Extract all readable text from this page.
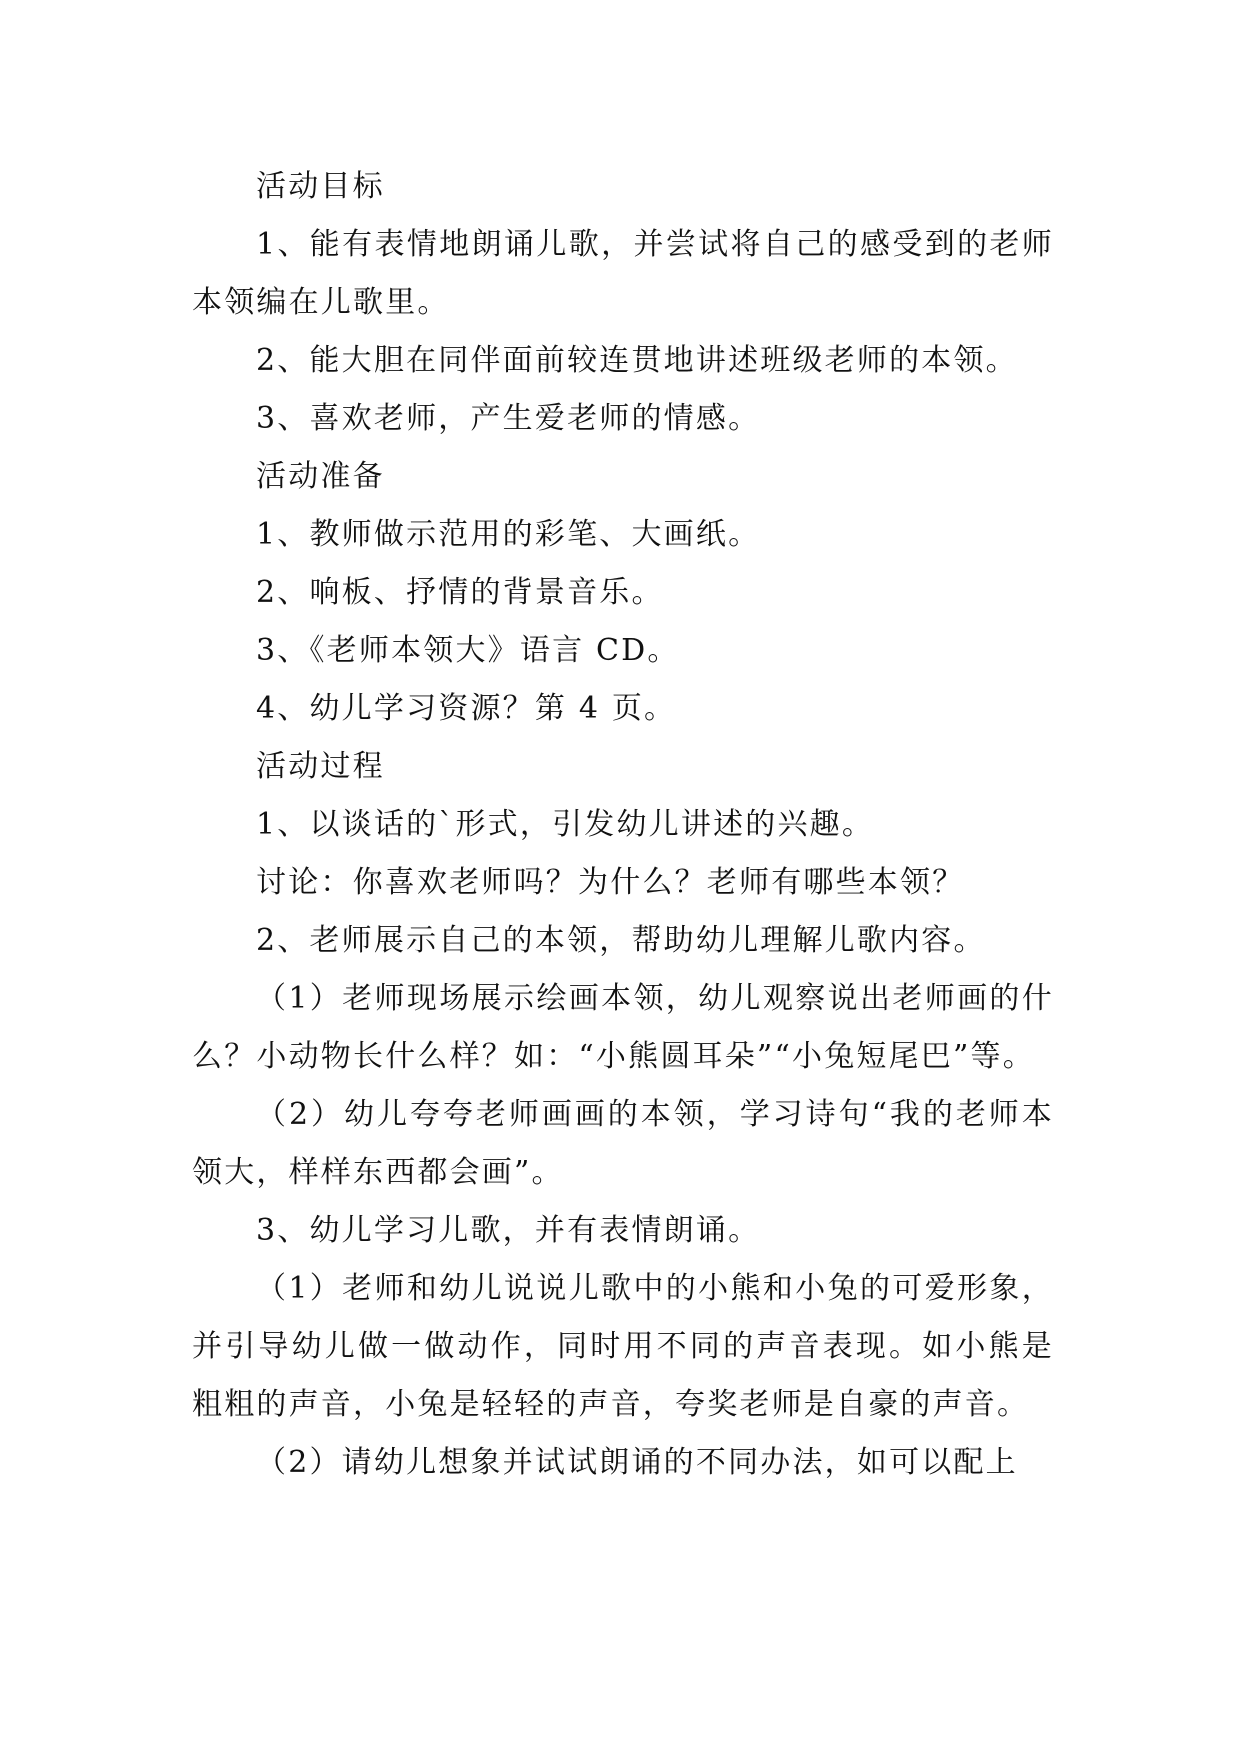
活动目标

1、能有表情地朗诵儿歌，并尝试将自己的感受到的老师本领编在儿歌里。

2、能大胆在同伴面前较连贯地讲述班级老师的本领。

3、喜欢老师，产生爱老师的情感。

活动准备

1、教师做示范用的彩笔、大画纸。

2、响板、抒情的背景音乐。

3、《老师本领大》语言 CD。

4、幼儿学习资源？第 4 页。

活动过程

1、以谈话的`形式，引发幼儿讲述的兴趣。

讨论：你喜欢老师吗？为什么？老师有哪些本领？

2、老师展示自己的本领，帮助幼儿理解儿歌内容。

（1）老师现场展示绘画本领，幼儿观察说出老师画的什么？小动物长什么样？如：“小熊圆耳朵”“小兔短尾巴”等。

（2）幼儿夸夸老师画画的本领，学习诗句“我的老师本领大，样样东西都会画”。

3、幼儿学习儿歌，并有表情朗诵。

（1）老师和幼儿说说儿歌中的小熊和小兔的可爱形象，并引导幼儿做一做动作，同时用不同的声音表现。如小熊是粗粗的声音，小兔是轻轻的声音，夸奖老师是自豪的声音。

（2）请幼儿想象并试试朗诵的不同办法，如可以配上
